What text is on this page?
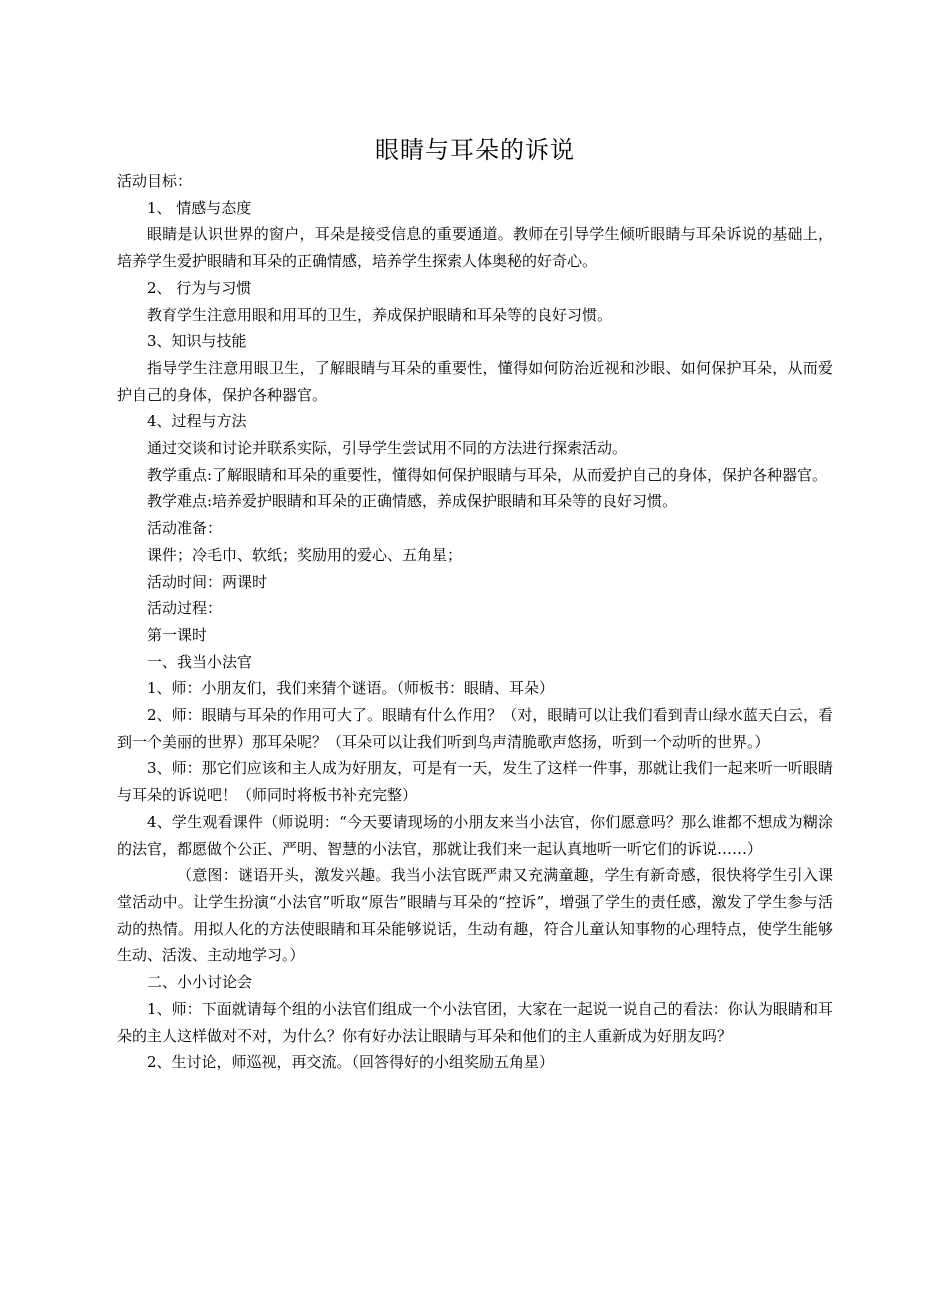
眼睛与耳朵的诉说

活动目标：

1、 情感与态度

眼睛是认识世界的窗户，耳朵是接受信息的重要通道。教师在引导学生倾听眼睛与耳朵诉说的基础上，培养学生爱护眼睛和耳朵的正确情感，培养学生探索人体奥秘的好奇心。

2、 行为与习惯

教育学生注意用眼和用耳的卫生，养成保护眼睛和耳朵等的良好习惯。

3、知识与技能

指导学生注意用眼卫生，了解眼睛与耳朵的重要性，懂得如何防治近视和沙眼、如何保护耳朵，从而爱护自己的身体，保护各种器官。

4、过程与方法

通过交谈和讨论并联系实际，引导学生尝试用不同的方法进行探索活动。

教学重点:了解眼睛和耳朵的重要性，懂得如何保护眼睛与耳朵，从而爱护自己的身体，保护各种器官。

教学难点:培养爱护眼睛和耳朵的正确情感，养成保护眼睛和耳朵等的良好习惯。

活动准备：

课件；冷毛巾、软纸；奖励用的爱心、五角星；

活动时间：两课时

活动过程：

第一课时

一、我当小法官

1、师：小朋友们，我们来猜个谜语。（师板书：眼睛、耳朵）

2、师：眼睛与耳朵的作用可大了。眼睛有什么作用？（对，眼睛可以让我们看到青山绿水蓝天白云，看到一个美丽的世界）那耳朵呢？（耳朵可以让我们听到鸟声清脆歌声悠扬，听到一个动听的世界。）

3、师：那它们应该和主人成为好朋友，可是有一天，发生了这样一件事，那就让我们一起来听一听眼睛与耳朵的诉说吧！（师同时将板书补充完整）

4、学生观看课件（师说明：“今天要请现场的小朋友来当小法官，你们愿意吗？那么谁都不想成为糊涂的法官，都愿做个公正、严明、智慧的小法官，那就让我们来一起认真地听一听它们的诉说……）

（意图：谜语开头，激发兴趣。我当小法官既严肃又充满童趣，学生有新奇感，很快将学生引入课堂活动中。让学生扮演“小法官”听取“原告”眼睛与耳朵的“控诉”，增强了学生的责任感，激发了学生参与活动的热情。用拟人化的方法使眼睛和耳朵能够说话，生动有趣，符合儿童认知事物的心理特点，使学生能够生动、活泼、主动地学习。）

二、小小讨论会

1、师：下面就请每个组的小法官们组成一个小法官团，大家在一起说一说自己的看法：你认为眼睛和耳朵的主人这样做对不对，为什么？你有好办法让眼睛与耳朵和他们的主人重新成为好朋友吗？

2、生讨论，师巡视，再交流。（回答得好的小组奖励五角星）
